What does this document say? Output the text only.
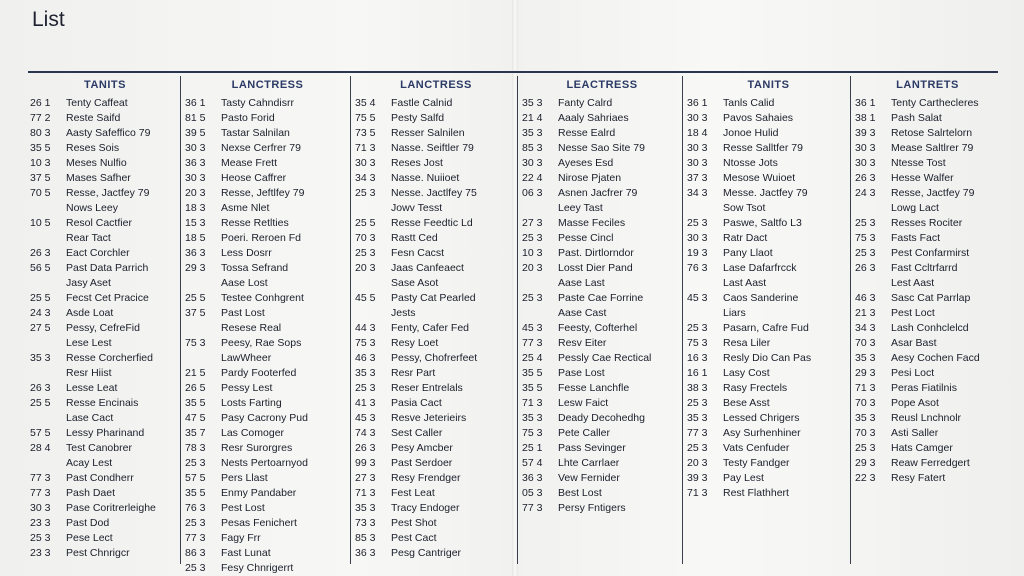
List
TANITS
26 1	Tenty Caffeat
77 2	Reste Saifd
80 3	Aasty Safeffico 79
35 5	Reses Sois
10 3	Meses Nulfio
37 5	Mases Safher
70 5	Resse, Jactfey 79
Nows Leey
10 5	Resol Cactfier
Rear Tact
26 3	Eact Corchler
56 5	Past Data Parrich
Jasy Aset
25 5	Fecst Cet Pracice
24 3	Asde Loat
27 5	Pessy, CefreFid
Lese Lest
35 3	Resse Corcherfied
Resr Hiist
26 3	Lesse Leat
25 5	Resse Encinais
Lase Cact
57 5	Lessy Pharinand
28 4	Test Canobrer
Acay Lest
77 3	Past Condherr
77 3	Pash Daet
30 3	Pase Coritrerleighe
23 3	Past Dod
25 3	Pese Lect
23 3	Pest Chnrigcr
LANCTRESS
36 1	Tasty Cahndisrr
81 5	Pasto Forid
39 5	Tastar Salnilan
30 3	Nexse Cerfrer 79
36 3	Mease Frett
30 3	Heose Caffrer
20 3	Resse, Jeftlfey 79
18 3	Asme Nlet
15 3	Resse Retlties
18 5	Poeri. Reroen Fd
36 3	Less Dosrr
29 3	Tossa Sefrand
Aase Lost
25 5	Testee Conhgrent
37 5	Past Lost
Resese Real
75 3	Peesy, Rae Sops
LawWheer
21 5	Pardy Footerfed
26 5	Pessy Lest
35 5	Losts Farting
47 5	Pasy Cacrony Pud
35 7	Las Comoger
78 3	Resr Surorgres
25 3	Nests Pertoarnyod
57 5	Pers Llast
35 5	Enmy Pandaber
76 3	Pest Lost
25 3	Pesas Fenichert
77 3	Fagy Frr
86 3	Fast Lunat
25 3	Fesy Chnrigerrt
LANCTRESS
35 4	Fastle Calnid
75 5	Pesty Salfd
73 5	Resser Salnilen
71 3	Nasse. Seiftler 79
30 3	Reses Jost
34 3	Nasse. Nuiioet
25 3	Nesse. Jactlfey 75
Jowv Tesst
25 5	Resse Feedtic Ld
70 3	Rastt Ced
25 3	Fesn Cacst
20 3	Jaas Canfeaect
Sase Asot
45 5	Pasty Cat Pearled
Jests
44 3	Fenty, Cafer Fed
75 3	Resy Loet
46 3	Pessy, Chofrerfeet
35 3	Resr Part
25 3	Reser Entrelals
41 3	Pasia Cact
45 3	Resve Jeterieirs
74 3	Sest Caller
26 3	Pesy Amcber
99 3	Past Serdoer
27 3	Resy Frendger
71 3	Fest Leat
35 3	Tracy Endoger
73 3	Pest Shot
85 3	Pest Cact
36 3	Pesg Cantriger
LEACTRESS
35 3	Fanty Calrd
21 4	Aaaly Sahriaes
35 3	Resse Ealrd
85 3	Nesse Sao Site 79
30 3	Ayeses Esd
22 4	Nirose Pjaten
06 3	Asnen Jacfrer 79
Leey Tast
27 3	Masse Feciles
25 3	Pesse Cincl
10 3	Past. Dirtlorndor
20 3	Losst Dier Pand
Aase Last
25 3	Paste Cae Forrine
Aase Cast
45 3	Feesty, Cofterhel
77 3	Resv Eiter
25 4	Pessly Cae Rectical
35 5	Pase Lost
35 5	Fesse Lanchfle
71 3	Lesw Faict
35 3	Deady Decohedhg
75 3	Pete Caller
25 1	Pass Sevinger
57 4	Lhte Carrlaer
36 3	Vew Fernider
05 3	Best Lost
77 3	Persy Fntigers
TANITS
36 1	Tanls Calid
30 3	Pavos Sahaies
18 4	Jonoe Hulid
30 3	Resse Salltfer 79
30 3	Ntosse Jots
37 3	Mesose Wuioet
34 3	Messe. Jactfey 79
Sow Tsot
25 3	Paswe, Saltfo L3
30 3	Ratr Dact
19 3	Pany Llaot
76 3	Lase Dafarfrcck
Last Aast
45 3	Caos Sanderine
Liars
25 3	Pasarn, Cafre Fud
75 3	Resa Liler
16 3	Resly Dio Can Pas
16 1	Lasy Cost
38 3	Rasy Frectels
25 3	Bese Asst
35 3	Lessed Chrigers
77 3	Asy Surhenhiner
25 3	Vats Cenfuder
20 3	Testy Fandger
39 3	Pay Lest
71 3	Rest Flathhert
LANTRETS
36 1	Tenty Carthecleres
38 1	Pash Salat
39 3	Retose Salrtelorn
30 3	Mease Saltlrer 79
30 3	Ntesse Tost
26 3	Hesse Walfer
24 3	Resse, Jactfey 79
Lowg Lact
25 3	Resses Rociter
75 3	Fasts Fact
25 3	Pest Confarmirst
26 3	Fast Ccltrfarrd
Lest Aast
46 3	Sasc Cat Parrlap
21 3	Pest Loct
34 3	Lash Conhclelcd
70 3	Asar Bast
35 3	Aesy Cochen Facd
29 3	Pesi Loct
71 3	Peras Fiatilnis
70 3	Pope Asot
35 3	Reusl Lnchnolr
70 3	Asti Saller
25 3	Hats Camger
29 3	Reaw Ferredgert
22 3	Resy Fatert
